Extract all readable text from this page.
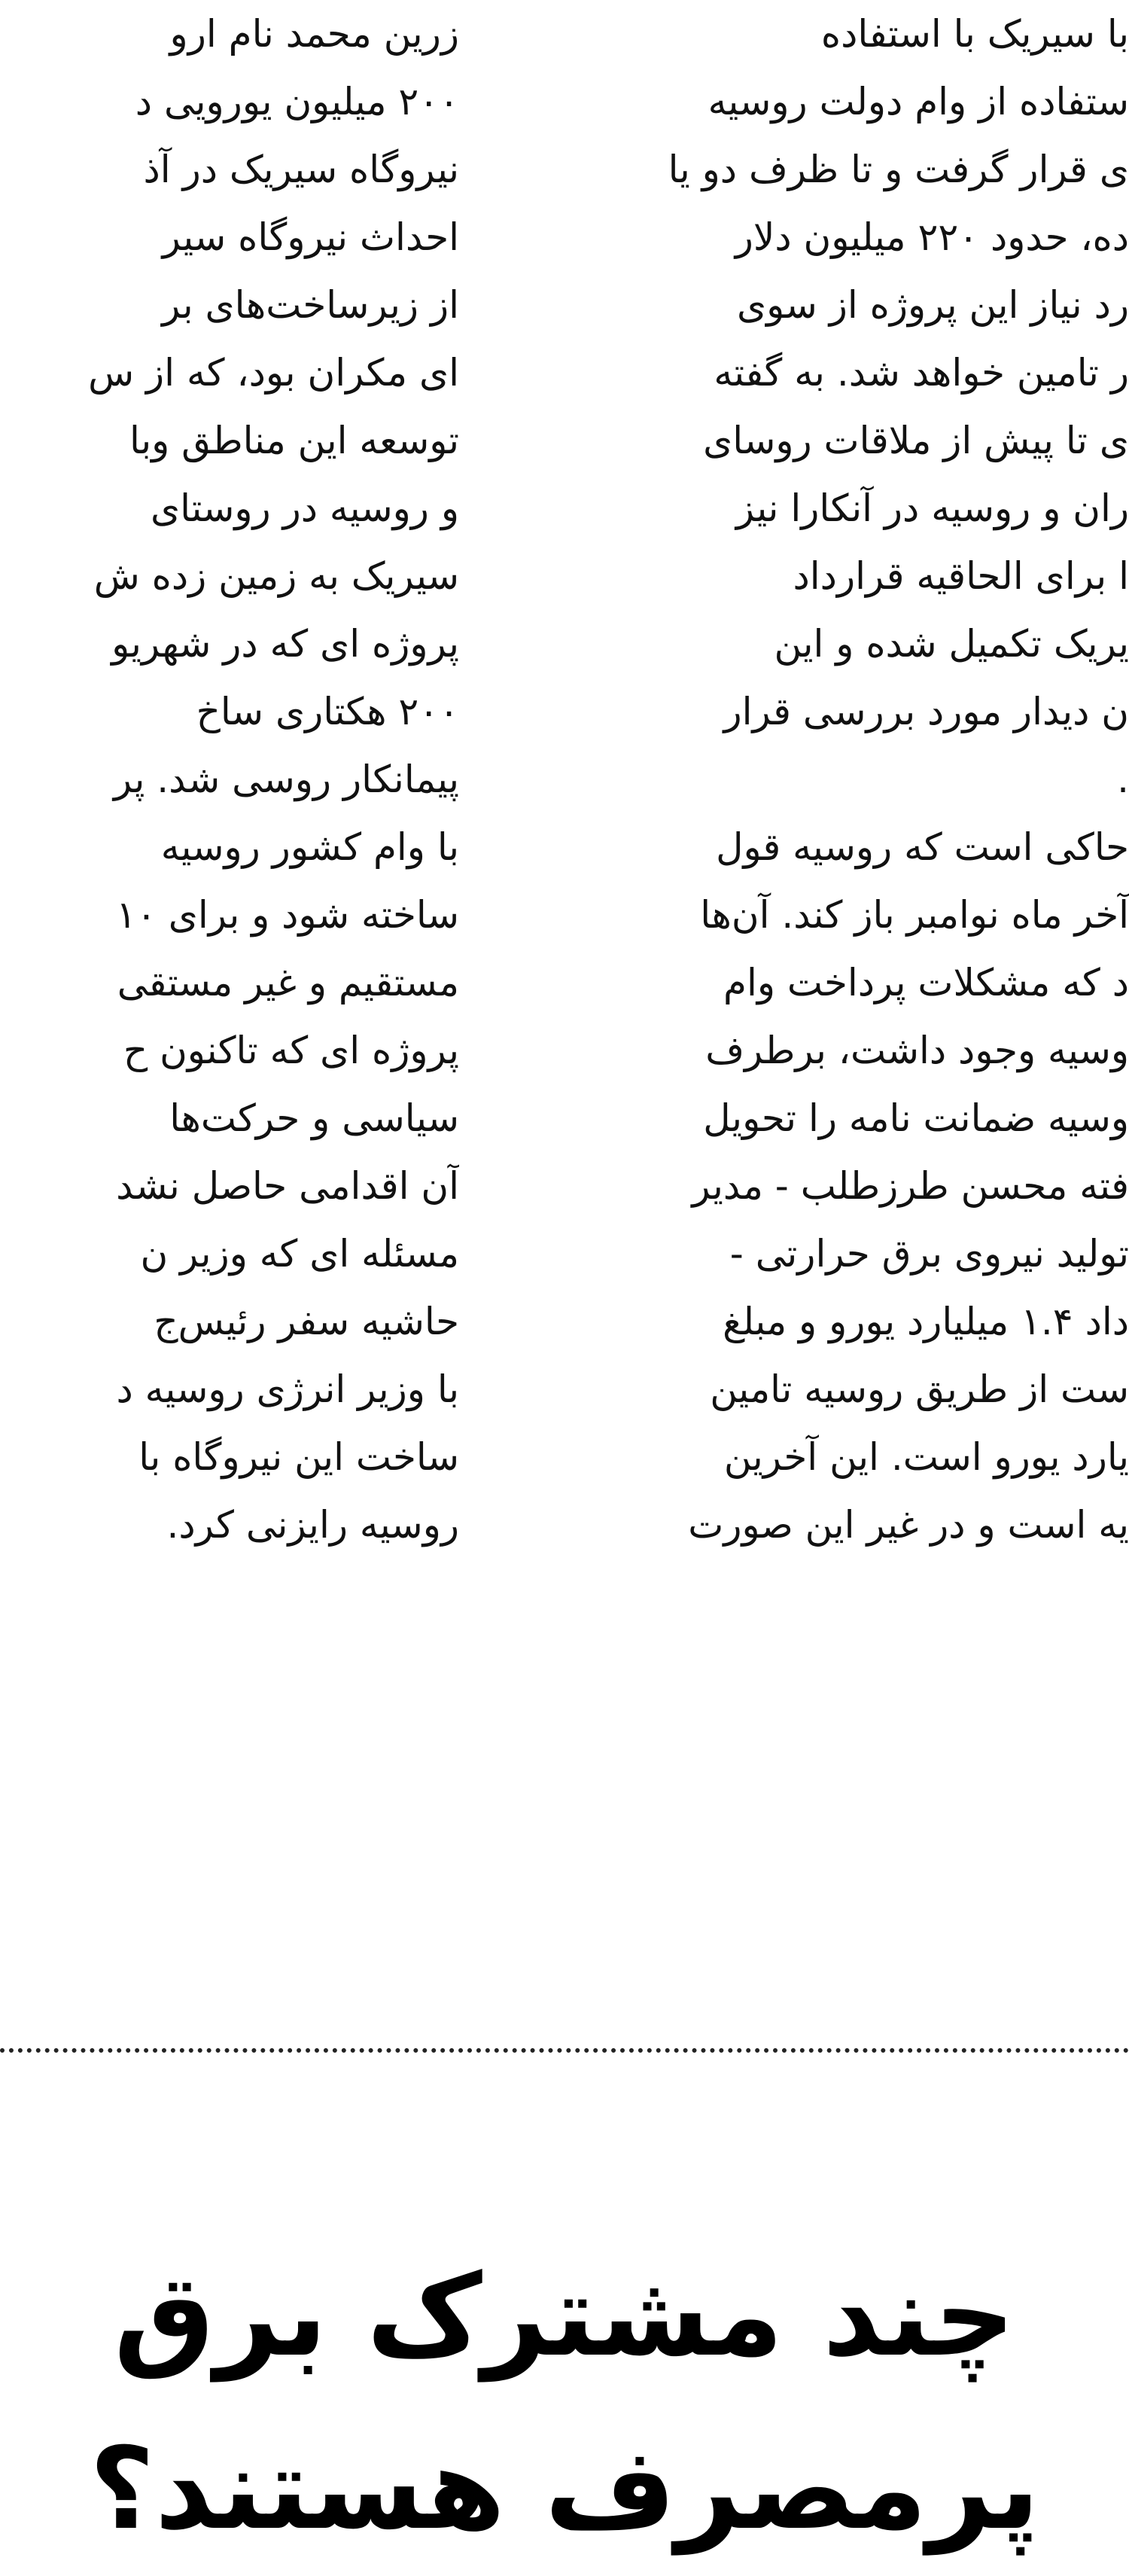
زرین محمد نام ارو
۲۰۰ میلیون یورویی د
نیروگاه سیریک در آذ
احداث نیروگاه سیر
از زیرساخت‌های بر
ای مکران بود، که از س
توسعه این مناطق وبا
و روسیه در روستای
سیریک به زمین زده ش
پروژه ای که در شهریو
۲۰۰ هکتاری ساخ
پیمانکار روسی شد. پر
با وام کشور روسیه
ساخته شود و برای ۱۰
مستقیم و غیر مستقی
پروژه ای که تاکنون ح
سیاسی و حرکت‌ها
آن اقدامی حاصل نشد
مسئله ای که وزیر ن
حاشیه سفر رئیس‌ج
با وزیر انرژی روسیه د
ساخت این نیروگاه با
روسیه رایزنی کرد.
با سیریک با استفاده
ستفاده از وام دولت روسیه
ی قرار گرفت و تا ظرف دو یا
ده، حدود ۲۲۰ میلیون دلار
رد نیاز این پروژه از سوی
ر تامین خواهد شد. به گفته
ی تا پیش از ملاقات روسای
ران و روسیه در آنکارا نیز
ا برای الحاقیه قرارداد
یریک تکمیل شده و این
ن دیدار مورد بررسی قرار
.
حاکی است که روسیه قول
آخر ماه نوامبر باز کند. آن‌ها
د که مشکلات پرداخت وام
وسیه وجود داشت، برطرف
وسیه ضمانت نامه را تحویل
فته محسن طرزطلب - مدیر
تولید نیروی برق حرارتی -
داد ۱.۴ میلیارد یورو و مبلغ
ست از طریق روسیه تامین
یارد یورو است. این آخرین
یه است و در غیر این صورت
چند مشترک برق
پرمصرف هستند؟
